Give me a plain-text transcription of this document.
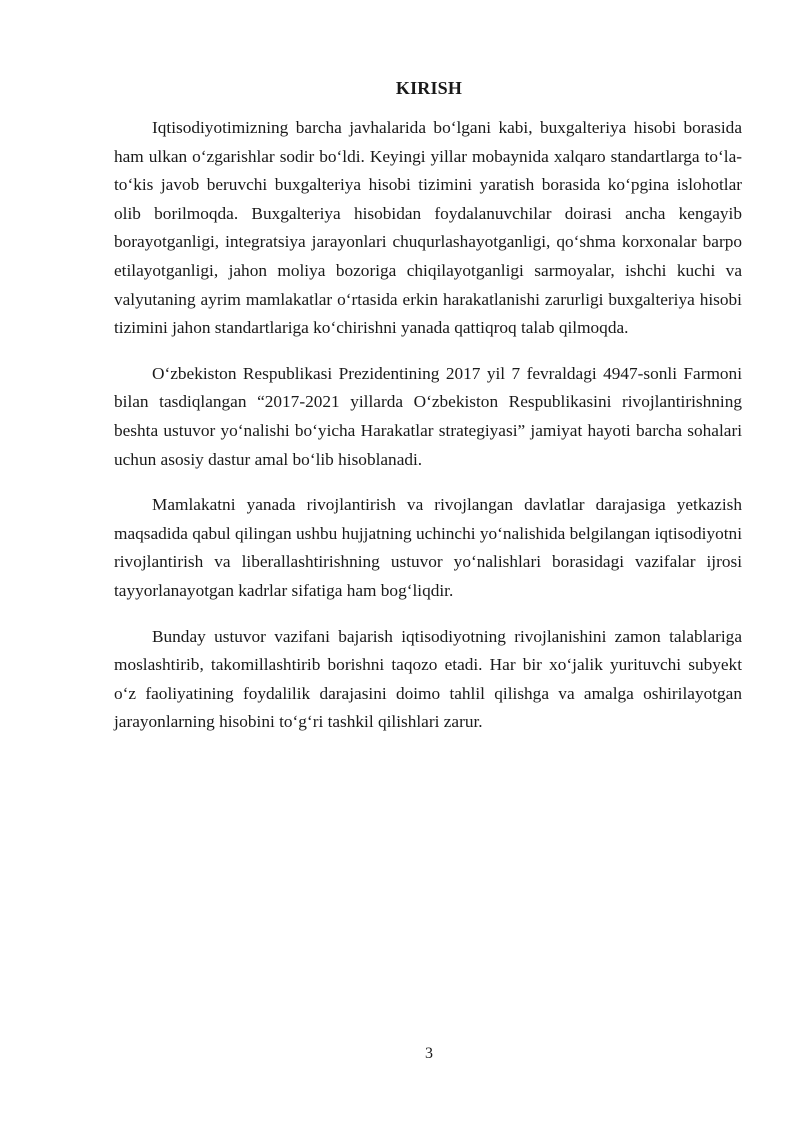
KIRISH

Iqtisodiyotimizning barcha javhalarida bo‘lgani kabi, buxgalteriya hisobi borasida ham ulkan o‘zgarishlar sodir bo‘ldi. Keyingi yillar mobaynida xalqaro standartlarga to‘la-to‘kis javob beruvchi buxgalteriya hisobi tizimini yaratish borasida ko‘pgina islohotlar olib borilmoqda. Buxgalteriya hisobidan foydalanuvchilar doirasi ancha kengayib borayotganligi, integratsiya jarayonlari chuqurlashayotganligi, qo‘shma korxonalar barpo etilayotganligi, jahon moliya bozoriga chiqilayotganligi sarmoyalar, ishchi kuchi va valyutaning ayrim mamlakatlar o‘rtasida erkin harakatlanishi zarurligi buxgalteriya hisobi tizimini jahon standartlariga ko‘chirishni yanada qattiqroq talab qilmoqda.

O‘zbekiston Respublikasi Prezidentining 2017 yil 7 fevraldagi 4947-sonli Farmoni bilan tasdiqlangan “2017-2021 yillarda O‘zbekiston Respublikasini rivojlantirishning beshta ustuvor yo‘nalishi bo‘yicha Harakatlar strategiyasi” jamiyat hayoti barcha sohalari uchun asosiy dastur amal bo‘lib hisoblanadi.

Mamlakatni yanada rivojlantirish va rivojlangan davlatlar darajasiga yetkazish maqsadida qabul qilingan ushbu hujjatning uchinchi yo‘nalishida belgilangan iqtisodiyotni rivojlantirish va liberallashtirishning ustuvor yo‘nalishlari borasidagi vazifalar ijrosi tayyorlanayotgan kadrlar sifatiga ham bog‘liqdir.

Bunday ustuvor vazifani bajarish iqtisodiyotning rivojlanishini zamon talablariga moslashtirib, takomillashtirib borishni taqozo etadi. Har bir xo‘jalik yurituvchi subyekt o‘z faoliyatining foydalilik darajasini doimo tahlil qilishga va amalga oshirilayotgan jarayonlarning hisobini to‘g‘ri tashkil qilishlari zarur.

3
